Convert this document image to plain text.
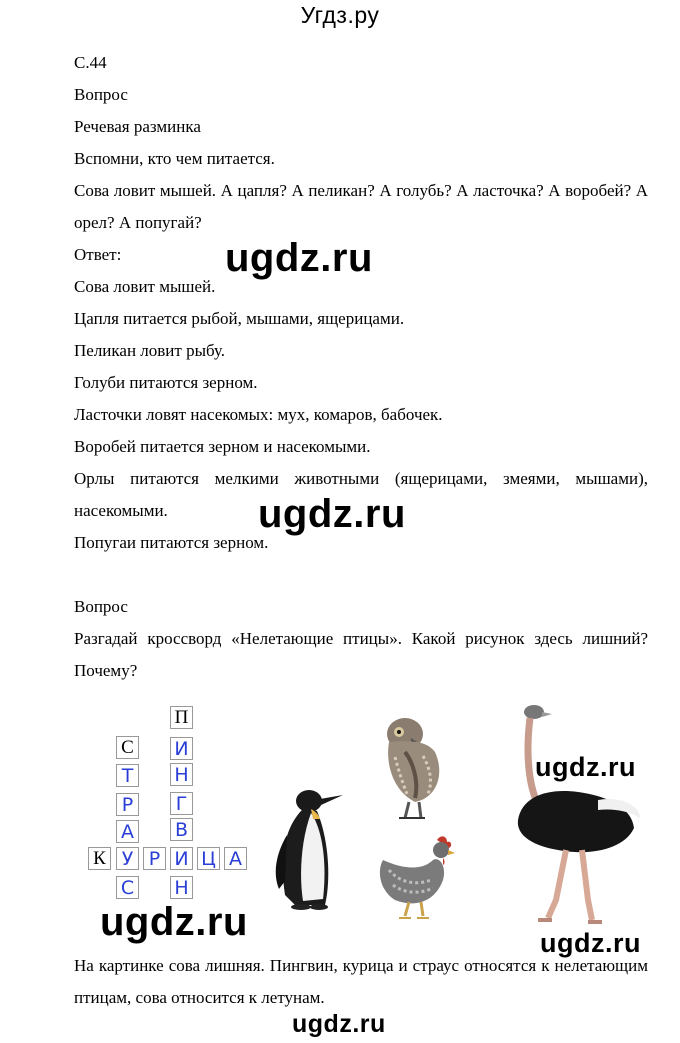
Угдз.ру
С.44
Вопрос
Речевая разминка
Вспомни, кто чем питается.
Сова ловит мышей. А цапля? А пеликан? А голубь? А ласточка? А воробей? А орел? А попугай?
Ответ:	ugdz.ru
Сова ловит мышей.
Цапля питается рыбой, мышами, ящерицами.
Пеликан ловит рыбу.
Голуби питаются зерном.
Ласточки ловят насекомых: мух, комаров, бабочек.
Воробей питается зерном и насекомыми.
Орлы питаются мелкими животными (ящерицами, змеями, мышами), насекомыми.	ugdz.ru
Попугаи питаются зерном.
Вопрос
Разгадай кроссворд «Нелетающие птицы». Какой рисунок здесь лишний? Почему?
П
И
Н
Г
В
Н
С
Т
Р
А
С
К У Р И Ц А
ugdz.ru
ugdz.ru	ugdz.ru
На картинке сова лишняя. Пингвин, курица и страус относятся к нелетающим птицам, сова относится к летунам.
ugdz.ru
